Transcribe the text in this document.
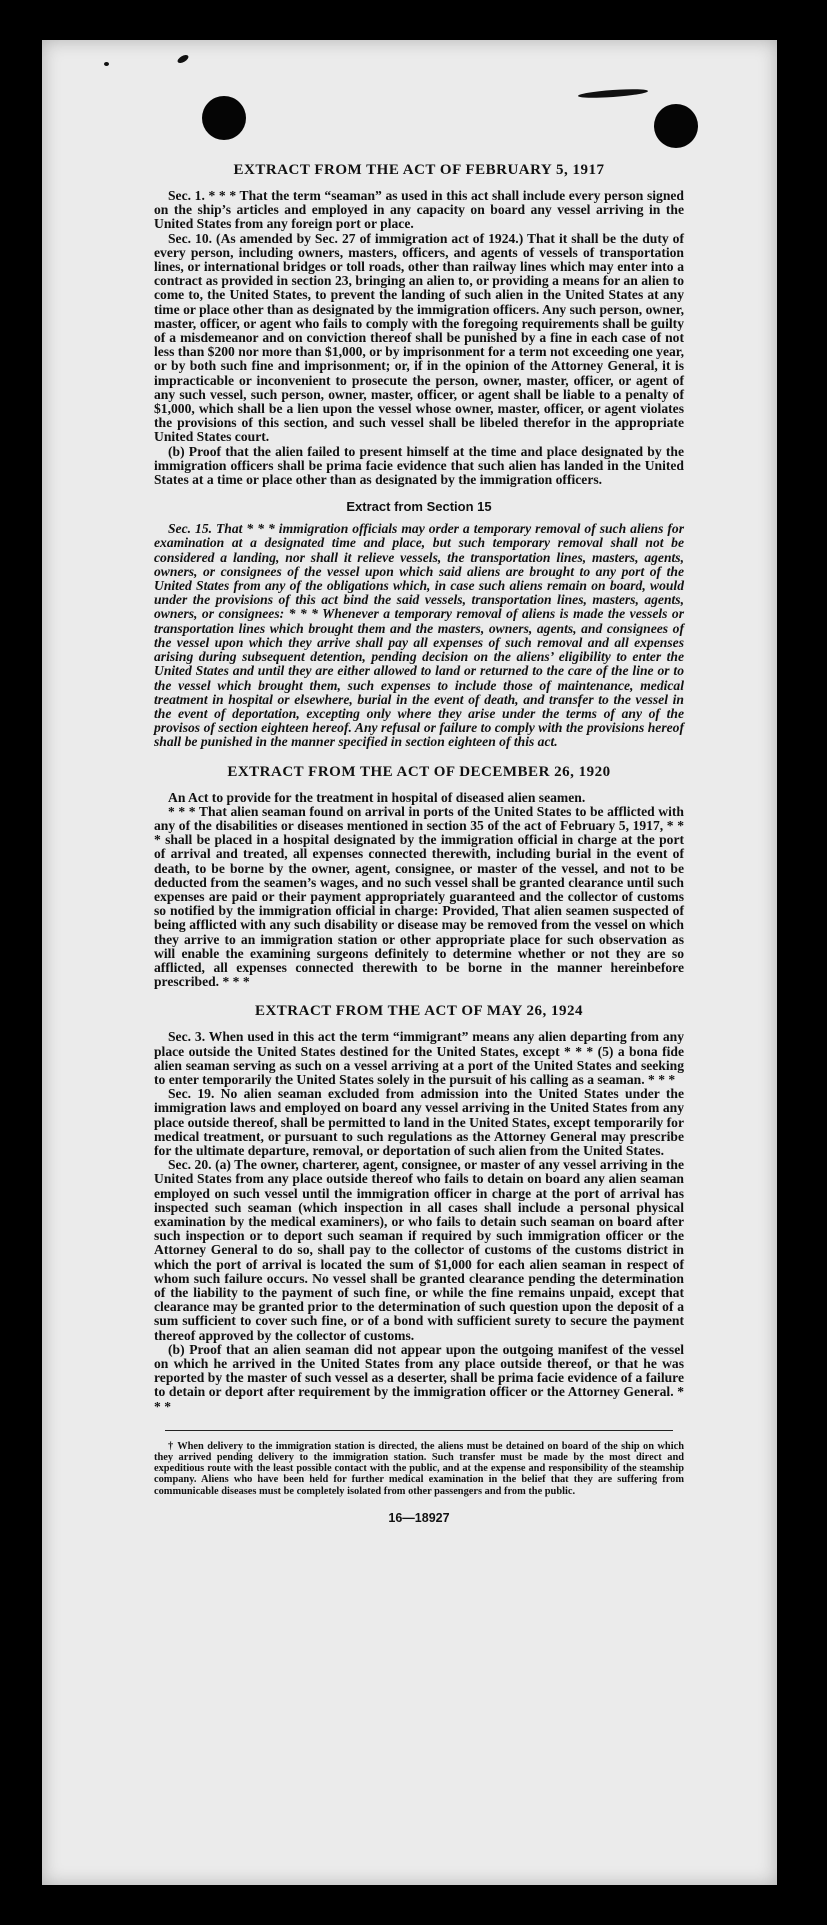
EXTRACT FROM THE ACT OF FEBRUARY 5, 1917

Sec. 1. * * * That the term “seaman” as used in this act shall include every person signed on the ship’s articles and employed in any capacity on board any vessel arriving in the United States from any foreign port or place.

Sec. 10. (As amended by Sec. 27 of immigration act of 1924.) That it shall be the duty of every person, including owners, masters, officers, and agents of vessels of transportation lines, or international bridges or toll roads, other than railway lines which may enter into a contract as provided in section 23, bringing an alien to, or providing a means for an alien to come to, the United States, to prevent the landing of such alien in the United States at any time or place other than as designated by the immigration officers. Any such person, owner, master, officer, or agent who fails to comply with the foregoing requirements shall be guilty of a misdemeanor and on conviction thereof shall be punished by a fine in each case of not less than $200 nor more than $1,000, or by imprisonment for a term not exceeding one year, or by both such fine and imprisonment; or, if in the opinion of the Attorney General, it is impracticable or inconvenient to prosecute the person, owner, master, officer, or agent of any such vessel, such person, owner, master, officer, or agent shall be liable to a penalty of $1,000, which shall be a lien upon the vessel whose owner, master, officer, or agent violates the provisions of this section, and such vessel shall be libeled therefor in the appropriate United States court.

(b) Proof that the alien failed to present himself at the time and place designated by the immigration officers shall be prima facie evidence that such alien has landed in the United States at a time or place other than as designated by the immigration officers.

Extract from Section 15

Sec. 15. That * * * immigration officials may order a temporary removal of such aliens for examination at a designated time and place, but such temporary removal shall not be considered a landing, nor shall it relieve vessels, the transportation lines, masters, agents, owners, or consignees of the vessel upon which said aliens are brought to any port of the United States from any of the obligations which, in case such aliens remain on board, would under the provisions of this act bind the said vessels, transportation lines, masters, agents, owners, or consignees: * * * Whenever a temporary removal of aliens is made the vessels or transportation lines which brought them and the masters, owners, agents, and consignees of the vessel upon which they arrive shall pay all expenses of such removal and all expenses arising during subsequent detention, pending decision on the aliens’ eligibility to enter the United States and until they are either allowed to land or returned to the care of the line or to the vessel which brought them, such expenses to include those of maintenance, medical treatment in hospital or elsewhere, burial in the event of death, and transfer to the vessel in the event of deportation, excepting only where they arise under the terms of any of the provisos of section eighteen hereof. Any refusal or failure to comply with the provisions hereof shall be punished in the manner specified in section eighteen of this act.

EXTRACT FROM THE ACT OF DECEMBER 26, 1920

An Act to provide for the treatment in hospital of diseased alien seamen.

* * * That alien seaman found on arrival in ports of the United States to be afflicted with any of the disabilities or diseases mentioned in section 35 of the act of February 5, 1917, * * * shall be placed in a hospital designated by the immigration official in charge at the port of arrival and treated, all expenses connected therewith, including burial in the event of death, to be borne by the owner, agent, consignee, or master of the vessel, and not to be deducted from the seamen’s wages, and no such vessel shall be granted clearance until such expenses are paid or their payment appropriately guaranteed and the collector of customs so notified by the immigration official in charge: Provided, That alien seamen suspected of being afflicted with any such disability or disease may be removed from the vessel on which they arrive to an immigration station or other appropriate place for such observation as will enable the examining surgeons definitely to determine whether or not they are so afflicted, all expenses connected therewith to be borne in the manner hereinbefore prescribed. * * *

EXTRACT FROM THE ACT OF MAY 26, 1924

Sec. 3. When used in this act the term “immigrant” means any alien departing from any place outside the United States destined for the United States, except * * * (5) a bona fide alien seaman serving as such on a vessel arriving at a port of the United States and seeking to enter temporarily the United States solely in the pursuit of his calling as a seaman. * * *

Sec. 19. No alien seaman excluded from admission into the United States under the immigration laws and employed on board any vessel arriving in the United States from any place outside thereof, shall be permitted to land in the United States, except temporarily for medical treatment, or pursuant to such regulations as the Attorney General may prescribe for the ultimate departure, removal, or deportation of such alien from the United States.

Sec. 20. (a) The owner, charterer, agent, consignee, or master of any vessel arriving in the United States from any place outside thereof who fails to detain on board any alien seaman employed on such vessel until the immigration officer in charge at the port of arrival has inspected such seaman (which inspection in all cases shall include a personal physical examination by the medical examiners), or who fails to detain such seaman on board after such inspection or to deport such seaman if required by such immigration officer or the Attorney General to do so, shall pay to the collector of customs of the customs district in which the port of arrival is located the sum of $1,000 for each alien seaman in respect of whom such failure occurs. No vessel shall be granted clearance pending the determination of the liability to the payment of such fine, or while the fine remains unpaid, except that clearance may be granted prior to the determination of such question upon the deposit of a sum sufficient to cover such fine, or of a bond with sufficient surety to secure the payment thereof approved by the collector of customs.

(b) Proof that an alien seaman did not appear upon the outgoing manifest of the vessel on which he arrived in the United States from any place outside thereof, or that he was reported by the master of such vessel as a deserter, shall be prima facie evidence of a failure to detain or deport after requirement by the immigration officer or the Attorney General. * * *

† When delivery to the immigration station is directed, the aliens must be detained on board of the ship on which they arrived pending delivery to the immigration station. Such transfer must be made by the most direct and expeditious route with the least possible contact with the public, and at the expense and responsibility of the steamship company. Aliens who have been held for further medical examination in the belief that they are suffering from communicable diseases must be completely isolated from other passengers and from the public.

16—18927
